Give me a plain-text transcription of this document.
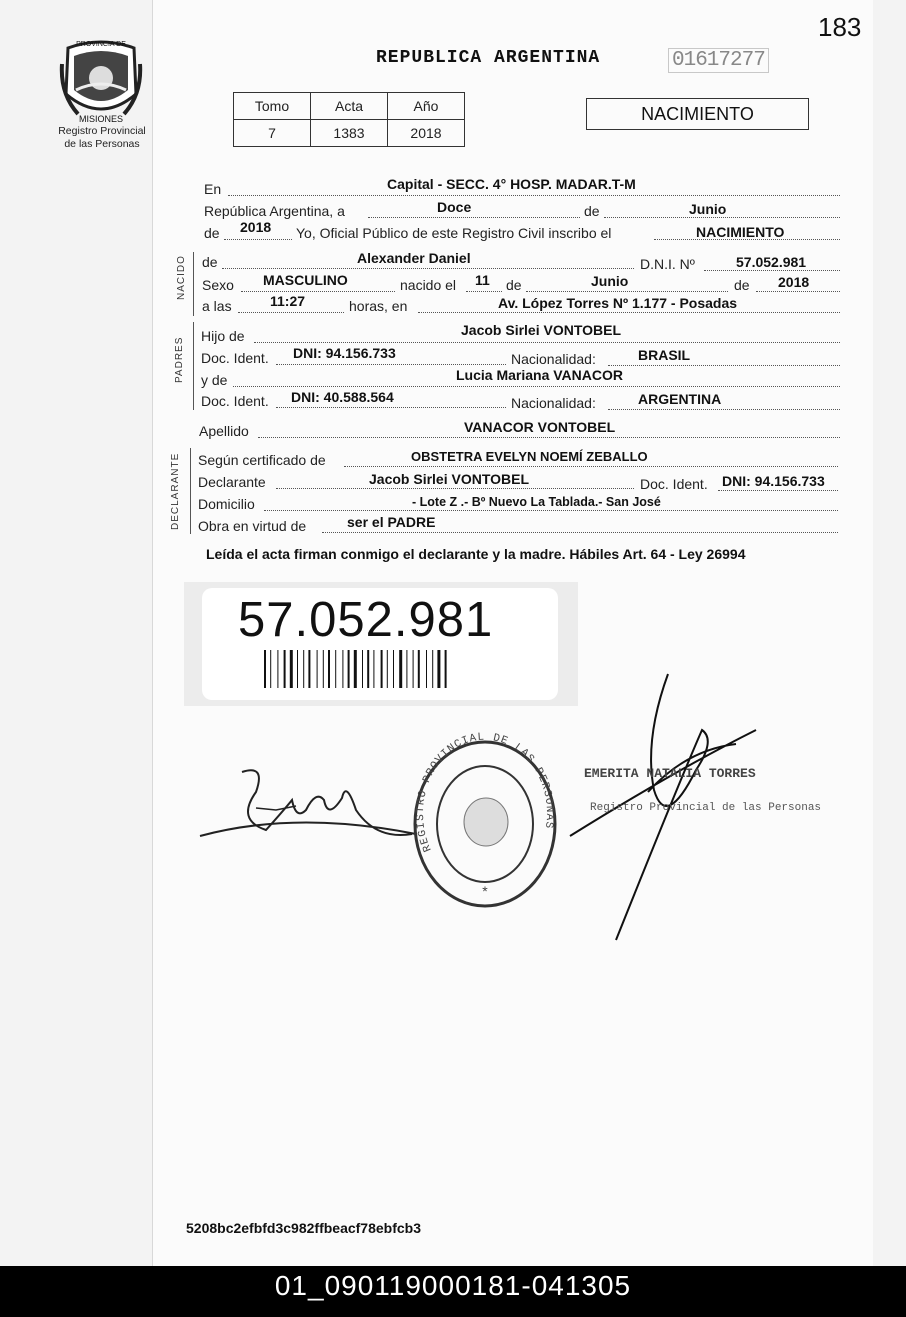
183
PROVINCIA DE
MISIONES
Registro Provincial
de las Personas
REPUBLICA ARGENTINA	01617277
Tomo	Acta	Año
7	1383	2018
NACIMIENTO
En	Capital - SECC. 4° HOSP. MADAR.T-M
República Argentina, a	Doce	de	Junio
de 2018 Yo, Oficial Público de este Registro Civil inscribo el	NACIMIENTO
NACIDO de	Alexander Daniel	D.N.I. Nº	57.052.981
Sexo MASCULINO	nacido el 11 de	Junio	de 2018
a las	11:27	horas, en	Av. López Torres Nº 1.177 - Posadas
PADRES
Hijo de	Jacob Sirlei VONTOBEL
Doc. Ident. DNI: 94.156.733	Nacionalidad:	BRASIL
y de	Lucia Mariana VANACOR
Doc. Ident. DNI: 40.588.564	Nacionalidad:	ARGENTINA
Apellido	VANACOR VONTOBEL
DECLARANTE Según certificado de	OBSTETRA EVELYN NOEMÍ ZEBALLO
Declarante	Jacob Sirlei VONTOBEL	Doc. Ident. DNI: 94.156.733
Domicilio	- Lote Z .- Bº Nuevo La Tablada.- San José
Obra en virtud de	ser el PADRE
Leída el acta firman conmigo el declarante y la madre. Hábiles Art. 64 - Ley 26994
57.052.981
*
REGISTRO PROVINCIAL DE LAS PERSONAS
EMERITA NATALIA TORRES
Registro Provincial de las Personas
5208bc2efbfd3c982ffbeacf78ebfcb3
01_090119000181-041305
